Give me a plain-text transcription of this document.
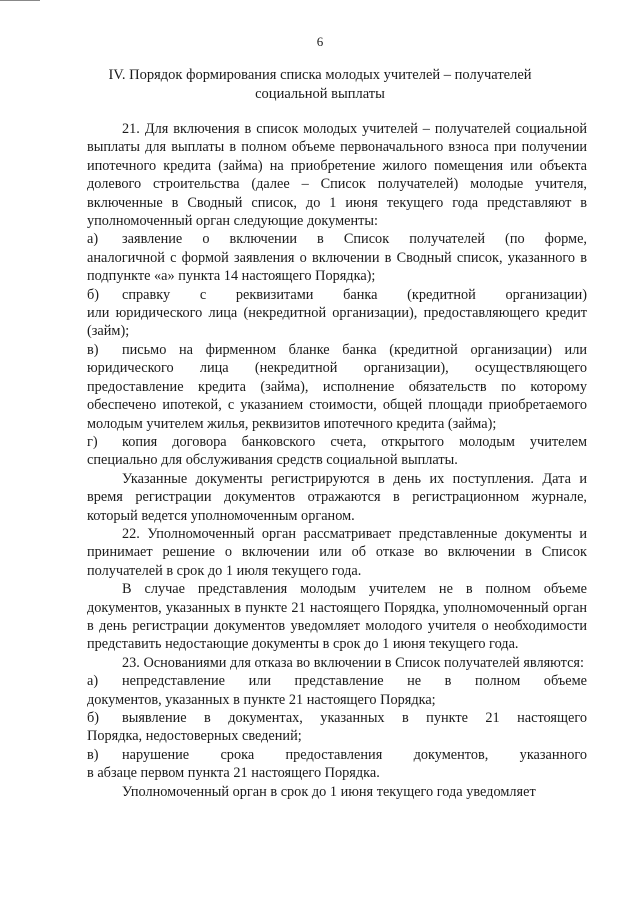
6
IV. Порядок формирования списка молодых учителей – получателей
социальной выплаты

21. Для включения в список молодых учителей – получателей социальной выплаты для выплаты в полном объеме первоначального взноса при получении ипотечного кредита (займа) на приобретение жилого помещения или объекта долевого строительства (далее – Список получателей) молодые учителя, включенные в Сводный список, до 1 июня текущего года представляют в уполномоченный орган следующие документы:

а)	заявление о включении в Список получателей (по форме,

аналогичной с формой заявления о включении в Сводный список, указанного в подпункте «а» пункта 14 настоящего Порядка);

б)	справку с реквизитами банка (кредитной организации)

или юридического лица (некредитной организации), предоставляющего кредит (займ);

в)	письмо на фирменном бланке банка (кредитной организации) или

юридического лица (некредитной организации), осуществляющего предоставление кредита (займа), исполнение обязательств по которому обеспечено ипотекой, с указанием стоимости, общей площади приобретаемого молодым учителем жилья, реквизитов ипотечного кредита (займа);

г)	копия договора банковского счета, открытого молодым учителем

специально для обслуживания средств социальной выплаты.

Указанные документы регистрируются в день их поступления. Дата и время регистрации документов отражаются в регистрационном журнале, который ведется уполномоченным органом.

22. Уполномоченный орган рассматривает представленные документы и принимает решение о включении или об отказе во включении в Список получателей в срок до 1 июля текущего года.

В случае представления молодым учителем не в полном объеме документов, указанных в пункте 21 настоящего Порядка, уполномоченный орган в день регистрации документов уведомляет молодого учителя о необходимости представить недостающие документы в срок до 1 июня текущего года.

23. Основаниями для отказа во включении в Список получателей являются:

а)	непредставление или представление не в полном объеме

документов, указанных в пункте 21 настоящего Порядка;

б)	выявление в документах, указанных в пункте 21 настоящего

Порядка, недостоверных сведений;

в)	нарушение срока предоставления документов, указанного

в абзаце первом пункта 21 настоящего Порядка.

Уполномоченный орган в срок до 1 июня текущего года уведомляет
